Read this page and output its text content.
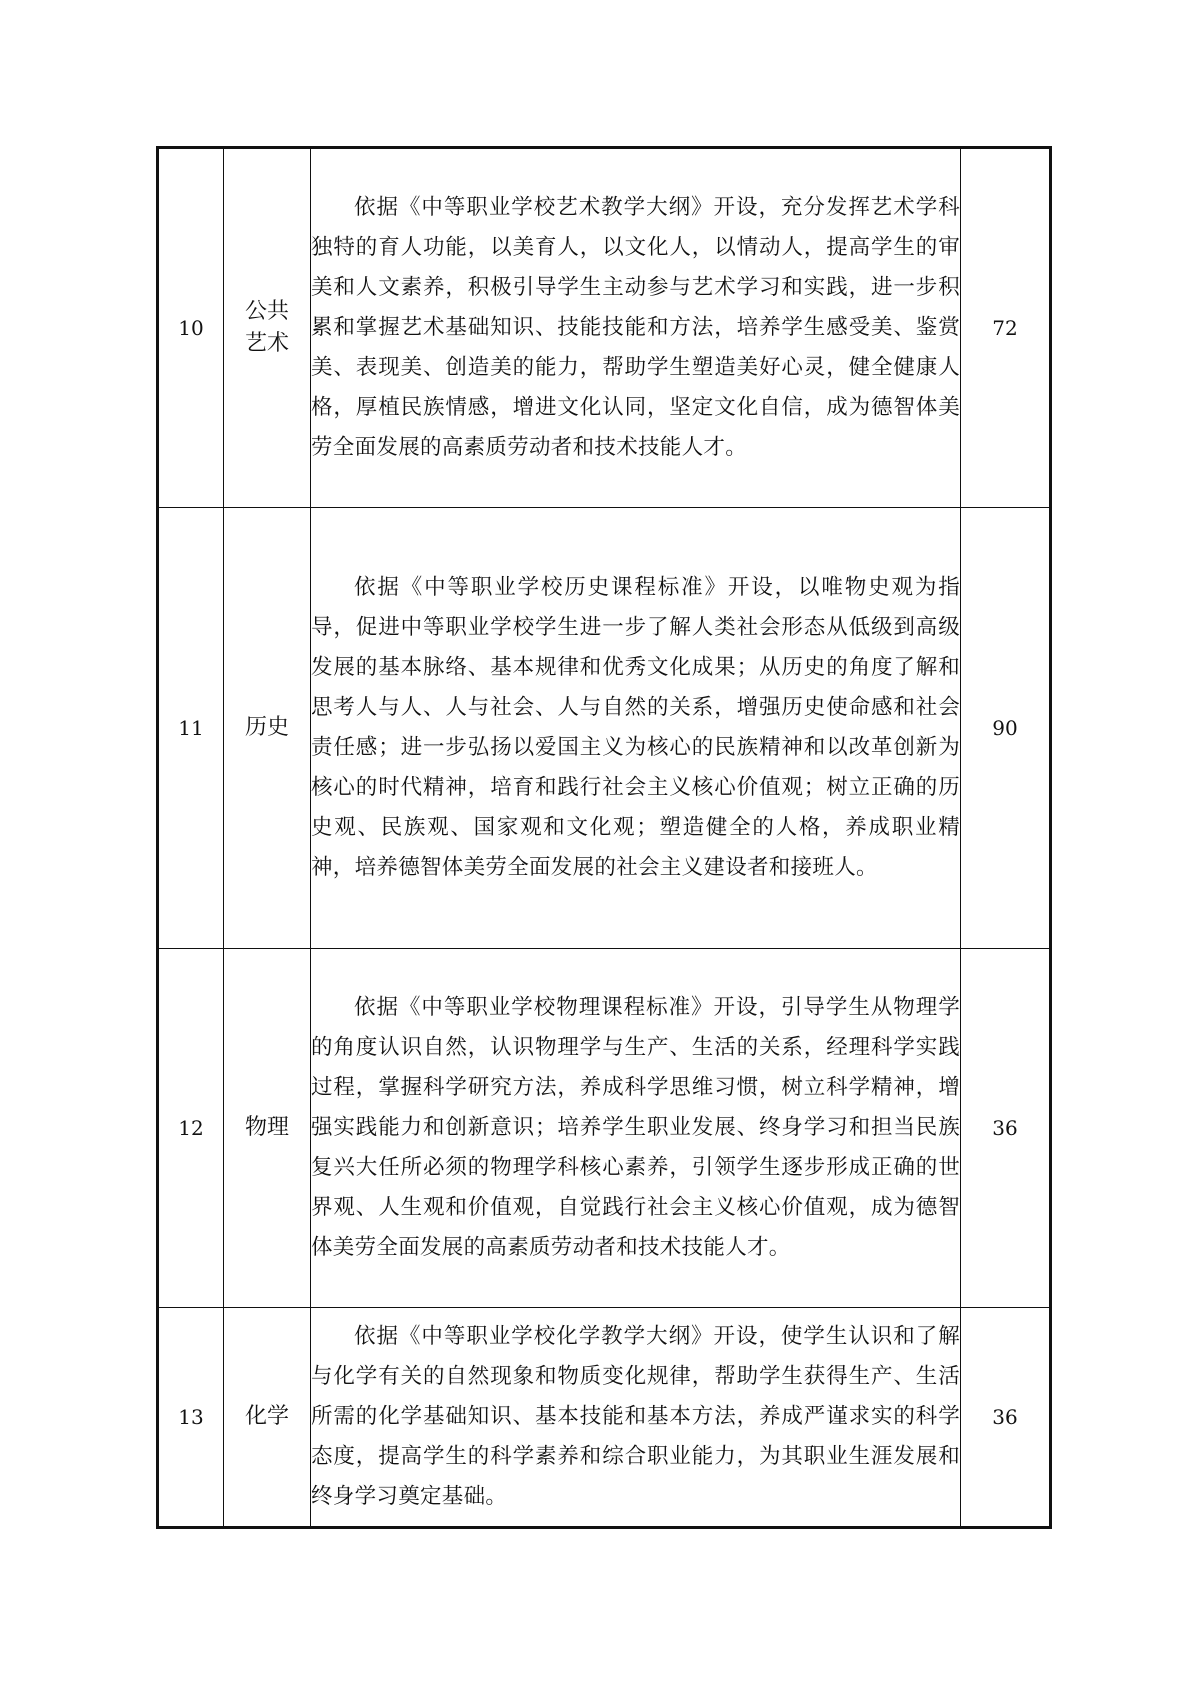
10	公共艺术	依据《中等职业学校艺术教学大纲》开设，充分发挥艺术学科独特的育人功能，以美育人，以文化人，以情动人，提高学生的审美和人文素养，积极引导学生主动参与艺术学习和实践，进一步积累和掌握艺术基础知识、技能技能和方法，培养学生感受美、鉴赏美、表现美、创造美的能力，帮助学生塑造美好心灵，健全健康人格，厚植民族情感，增进文化认同，坚定文化自信，成为德智体美劳全面发展的高素质劳动者和技术技能人才。	72
11	历史	依据《中等职业学校历史课程标准》开设，以唯物史观为指导，促进中等职业学校学生进一步了解人类社会形态从低级到高级发展的基本脉络、基本规律和优秀文化成果；从历史的角度了解和思考人与人、人与社会、人与自然的关系，增强历史使命感和社会责任感；进一步弘扬以爱国主义为核心的民族精神和以改革创新为核心的时代精神，培育和践行社会主义核心价值观；树立正确的历史观、民族观、国家观和文化观；塑造健全的人格，养成职业精神，培养德智体美劳全面发展的社会主义建设者和接班人。	90
12	物理	依据《中等职业学校物理课程标准》开设，引导学生从物理学的角度认识自然，认识物理学与生产、生活的关系，经理科学实践过程，掌握科学研究方法，养成科学思维习惯，树立科学精神，增强实践能力和创新意识；培养学生职业发展、终身学习和担当民族复兴大任所必须的物理学科核心素养，引领学生逐步形成正确的世界观、人生观和价值观，自觉践行社会主义核心价值观，成为德智体美劳全面发展的高素质劳动者和技术技能人才。	36
13	化学	依据《中等职业学校化学教学大纲》开设，使学生认识和了解与化学有关的自然现象和物质变化规律，帮助学生获得生产、生活所需的化学基础知识、基本技能和基本方法，养成严谨求实的科学态度，提高学生的科学素养和综合职业能力，为其职业生涯发展和终身学习奠定基础。	36
